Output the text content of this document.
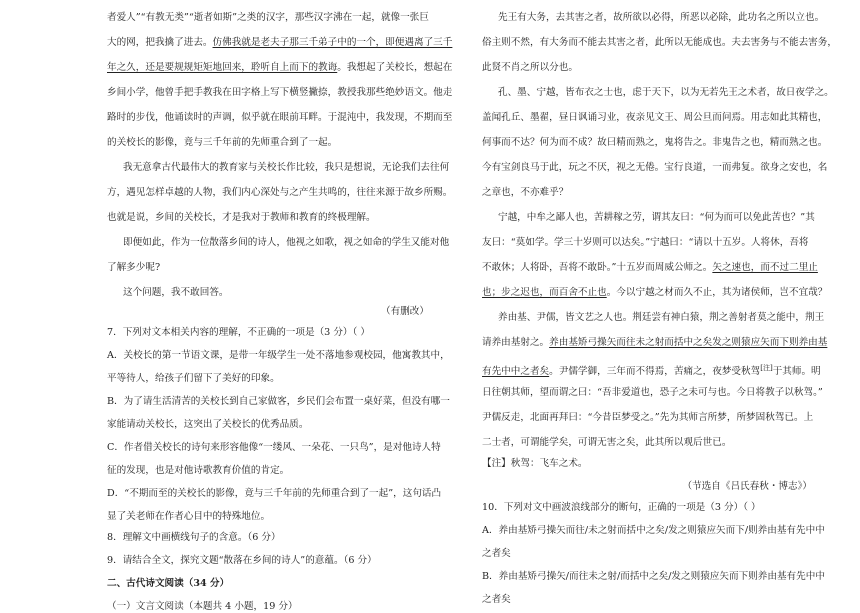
者爱人”“有教无类”“逝者如斯”之类的汉字，那些汉字沸在一起，就像一张巨
大的网，把我擒了进去。仿佛我就是老夫子那三千弟子中的一个，即便遇离了三千
年之久，还是要规规矩矩地回来，聆听自上而下的教诲。我想起了关校长，想起在
乡间小学，他曾手把手教我在田字格上写下横竖撇捺，教授我那些绝妙语文。他走
路时的步伐，他诵读时的声调，似乎就在眼前耳畔。于混沌中，我发现，不期而至
的关校长的影像，竟与三千年前的先师重合到了一起。
我无意拿古代最伟大的教育家与关校长作比较，我只是想说，无论我们去往何
方，遇见怎样卓越的人物，我们内心深处与之产生共鸣的，往往来源于故乡所赐。
也就是说，乡间的关校长，才是我对于教师和教育的终极理解。
即便如此，作为一位散落乡间的诗人，他视之如歌，视之如命的学生又能对他
了解多少呢?
这个问题，我不敢回答。
（有删改）
7．下列对文本相关内容的理解，不正确的一项是（3 分）（ ）
A．关校长的第一节语文课，是带一年级学生一处不落地参观校园，他寓教其中，
平等待人，给孩子们留下了美好的印象。
B．为了请生活清苦的关校长到自己家做客，乡民们会布置一桌好菜，但没有哪一
家能请动关校长，这突出了关校长的优秀品质。
C．作者借关校长的诗句来形容他像“一缕风、一朵花、一只鸟”，是对他诗人特
征的发现，也是对他诗歌教育价值的肯定。
D．“不期而至的关校长的影像，竟与三千年前的先师重合到了一起”，这句话凸
显了关老师在作者心目中的特殊地位。
8．理解文中画横线句子的含意。（6 分）
9．请结合全文，探究文题“散落在乡间的诗人”的意蕴。（6 分）
二、古代诗文阅读（34 分）
（一）文言文阅读（本题共 4 小题，19 分）
先王有大务，去其害之者，故所欲以必得，所恶以必除，此功名之所以立也。
俗主则不然，有大务而不能去其害之者，此所以无能成也。夫去害务与不能去害务，
此贤不肖之所以分也。
孔、墨、宁越，皆布衣之士也，虑于天下，以为无若先王之术者，故日夜学之。
盖闻孔丘、墨翟，昼日讽诵习业，夜亲见文王、周公旦而问焉。用志如此其精也，
何事而不达？何为而不成？故曰精而熟之，鬼将告之。非鬼告之也，精而熟之也。
今有宝剑良马于此，玩之不厌，视之无倦。宝行良道，一而弗复。欲身之安也，名
之章也，不亦难乎？
宁越，中牟之鄙人也，苦耕稼之劳，谓其友曰：“何为而可以免此苦也？”其
友曰：“莫如学。学三十岁则可以达矣。”宁越曰：“请以十五岁。人将休，吾将
不敢休；人将卧，吾将不敢卧。”十五岁而周威公师之。矢之速也，而不过二里止
也；步之迟也，而百舍不止也。今以宁越之材而久不止，其为诸侯师，岂不宜哉？
养由基、尹儒，皆文艺之人也。荆廷尝有神白猿，荆之善射者莫之能中，荆王
请养由基射之。养由基矫弓操矢而往未之射而括中之矣发之则猿应矢而下则养由基
有先中中之者矣。尹儒学御，三年而不得焉，苦痛之，夜梦受秋驾[注]于其师。明
日往朝其师，望而谓之曰：“吾非爱道也，恐子之未可与也。今日将教子以秋驾。”
尹儒反走，北面再拜曰：“今昔臣梦受之。”先为其师言所梦，所梦固秋驾已。上
二士者，可谓能学矣，可谓无害之矣，此其所以观后世已。
【注】秋驾：飞车之术。
（节选自《吕氏春秋・博志》）
10．下列对文中画波浪线部分的断句，正确的一项是（3 分）（ ）
A．养由基矫弓操矢而往/未之射而括中之矣/发之则猿应矢而下/则养由基有先中中
之者矣
B．养由基矫弓操矢/而往未之射/而括中之矣/发之则猿应矢而下则养由基有先中中
之者矣
